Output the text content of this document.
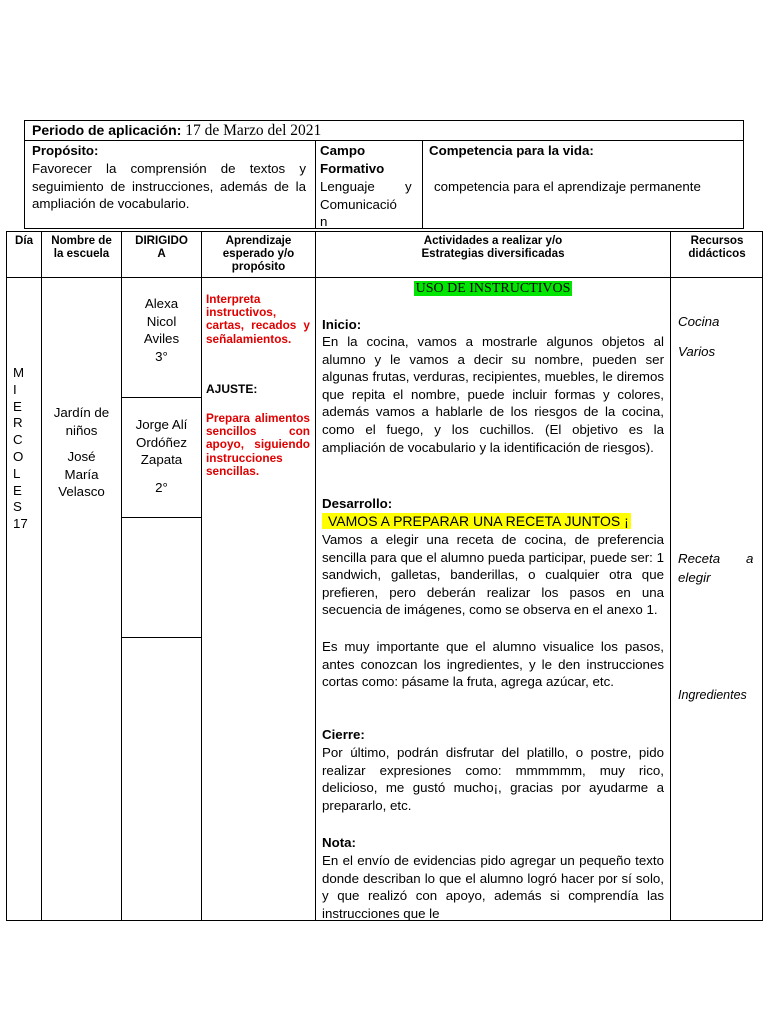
Periodo de aplicación: 17 de Marzo del 2021
Propósito:
Favorecer la comprensión de textos y seguimiento de instrucciones, además de la ampliación de vocabulario.
Campo
Formativo
Lenguaje y
Comunicació
n
Competencia para la vida:
competencia para el aprendizaje permanente
Día	Nombre de
la escuela
DIRIGIDO
A
Aprendizaje
esperado y/o
propósito
Actividades a realizar y/o
Estrategias diversificadas
Recursos
didácticos
M
I
E
R
C
O
L
E
S
17
Jardín de
niños
José
María
Velasco
Alexa
Nicol
Aviles
3°
Jorge Alí
Ordóñez
Zapata
2°
Interpreta instructivos, cartas, recados y señalamientos.
AJUSTE:
Prepara alimentos sencillos con apoyo, siguiendo instrucciones sencillas.
USO DE INSTRUCTIVOS
Inicio:
En la cocina, vamos a mostrarle algunos objetos al alumno y le vamos a decir su nombre, pueden ser algunas frutas, verduras, recipientes, muebles, le diremos que repita el nombre, puede incluir formas y colores, además vamos a hablarle de los riesgos de la cocina, como el fuego, y los cuchillos. (El objetivo es la ampliación de vocabulario y la identificación de riesgos).
Desarrollo:
VAMOS A PREPARAR UNA RECETA JUNTOS ¡
Vamos a elegir una receta de cocina, de preferencia sencilla para que el alumno pueda participar, puede ser: 1 sandwich, galletas, banderillas, o cualquier otra que prefieren, pero deberán realizar los pasos en una secuencia de imágenes, como se observa en el anexo 1.
Es muy importante que el alumno visualice los pasos, antes conozcan los ingredientes, y le den instrucciones cortas como: pásame la fruta, agrega azúcar, etc.
Cierre:
Por último, podrán disfrutar del platillo, o postre, pido realizar expresiones como: mmmmmm, muy rico, delicioso, me gustó mucho¡, gracias por ayudarme a prepararlo, etc.
Nota:
En el envío de evidencias pido agregar un pequeño texto donde describan lo que el alumno logró hacer por sí solo, y que realizó con apoyo, además si comprendía las instrucciones que le
Cocina
Varios
Receta a
elegir
Ingredientes
